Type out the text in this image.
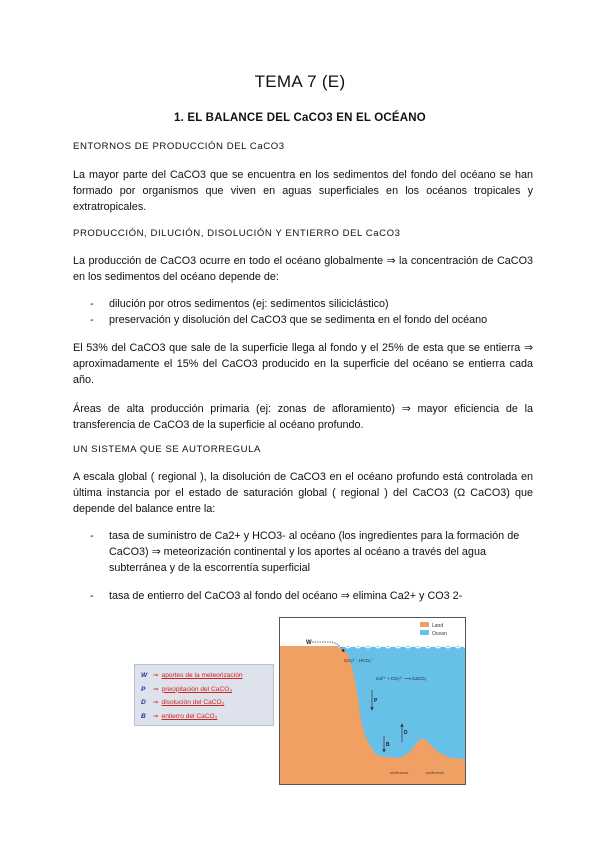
TEMA 7 (E)
1. EL BALANCE DEL CaCO3 EN EL OCÉANO
ENTORNOS DE PRODUCCIÓN DEL CaCO3
La mayor parte del CaCO3 que se encuentra en los sedimentos del fondo del océano se han formado por organismos que viven en aguas superficiales en los océanos tropicales y extratropicales.
PRODUCCIÓN, DILUCIÓN, DISOLUCIÓN Y ENTIERRO DEL CaCO3
La producción de CaCO3 ocurre en todo el océano globalmente ⇒ la concentración de CaCO3 en los sedimentos del océano depende de:
- dilución por otros sedimentos (ej: sedimentos siliciclástico)
- preservación y disolución del CaCO3 que se sedimenta en el fondo del océano
El 53% del CaCO3 que sale de la superficie llega al fondo y el 25% de esta que se entierra ⇒ aproximadamente el 15% del CaCO3 producido en la superficie del océano se entierra cada año.
Áreas de alta producción primaria (ej: zonas de afloramiento) ⇒ mayor eficiencia de la transferencia de CaCO3 de la superficie al océano profundo.
UN SISTEMA QUE SE AUTORREGULA
A escala global ( regional ), la disolución de CaCO3 en el océano profundo está controlada en última instancia por el estado de saturación global ( regional ) del CaCO3 (Ω CaCO3) que depende del balance entre la:
- tasa de suministro de Ca2+ y HCO3- al océano (los ingredientes para la formación de CaCO3) ⇒ meteorización continental y los aportes al océano a través del agua subterránea y de la escorrentía superficial
- tasa de entierro del CaCO3 al fondo del océano ⇒ elimina Ca2+ y CO3 2-
W ⇒ aportes de la meteorización
P ⇒ precipitación del CaCO₃
D ⇒ disolución del CaCO₃
B ⇒ entierro del CaCO₃
Land
Ocean
W
CO₃²⁻, HCO₃⁻
Ca²⁺ + CO₃²⁻ ⟶ CaCO₃
P
D
B
sediments	sediments
